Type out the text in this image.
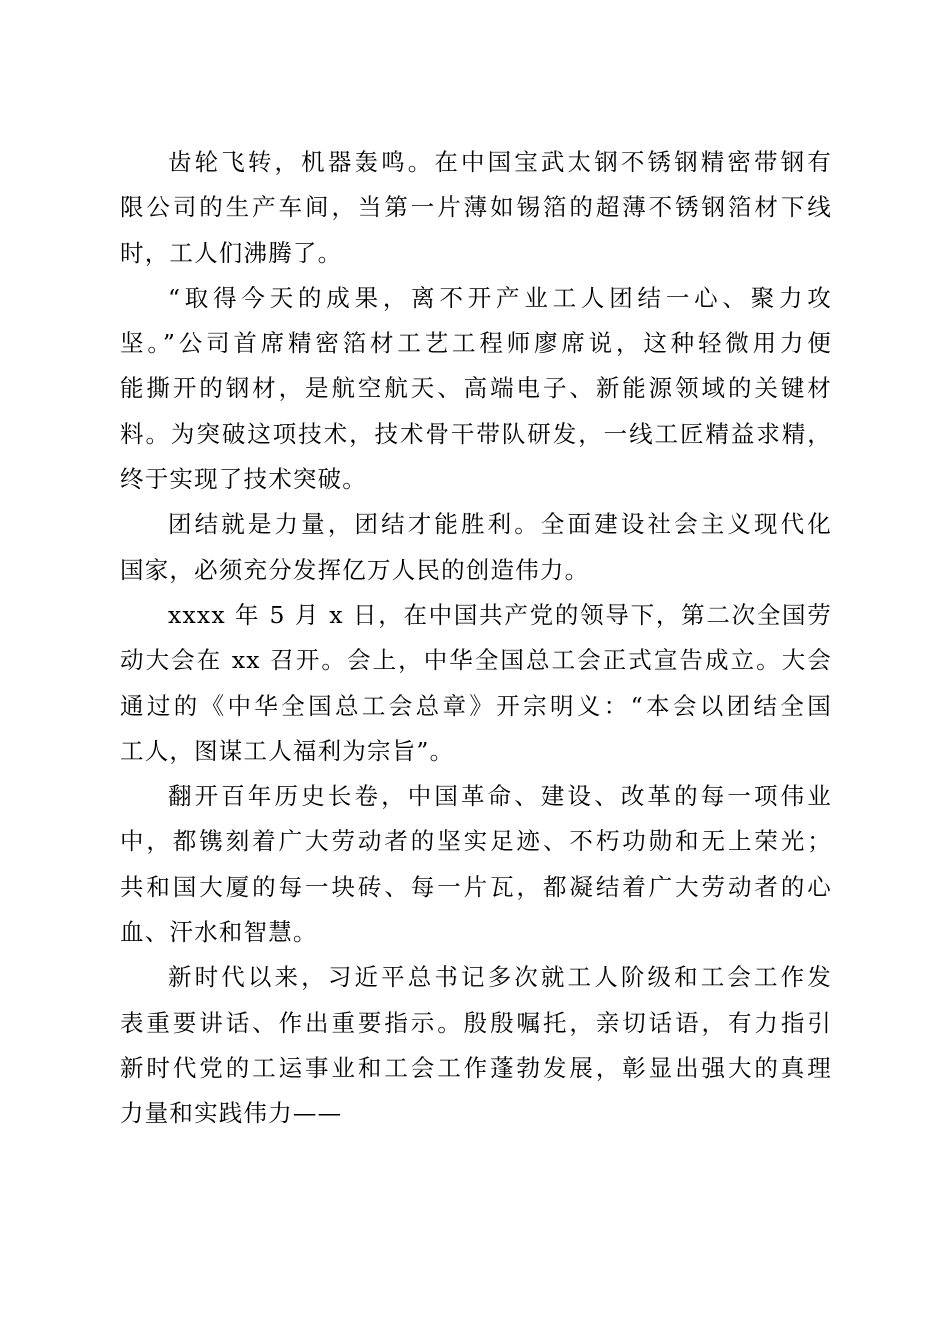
齿轮飞转，机器轰鸣。在中国宝武太钢不锈钢精密带钢有
限公司的生产车间，当第一片薄如锡箔的超薄不锈钢箔材下线
时，工人们沸腾了。

“取得今天的成果，离不开产业工人团结一心、聚力攻
坚。”公司首席精密箔材工艺工程师廖席说，这种轻微用力便
能撕开的钢材，是航空航天、高端电子、新能源领域的关键材
料。为突破这项技术，技术骨干带队研发，一线工匠精益求精，
终于实现了技术突破。

团结就是力量，团结才能胜利。全面建设社会主义现代化
国家，必须充分发挥亿万人民的创造伟力。

xxxx 年 5 月 x 日，在中国共产党的领导下，第二次全国劳
动大会在 xx 召开。会上，中华全国总工会正式宣告成立。大会
通过的《中华全国总工会总章》开宗明义：“本会以团结全国
工人，图谋工人福利为宗旨”。

翻开百年历史长卷，中国革命、建设、改革的每一项伟业
中，都镌刻着广大劳动者的坚实足迹、不朽功勋和无上荣光；
共和国大厦的每一块砖、每一片瓦，都凝结着广大劳动者的心
血、汗水和智慧。

新时代以来，习近平总书记多次就工人阶级和工会工作发
表重要讲话、作出重要指示。殷殷嘱托，亲切话语，有力指引
新时代党的工运事业和工会工作蓬勃发展，彰显出强大的真理
力量和实践伟力——
